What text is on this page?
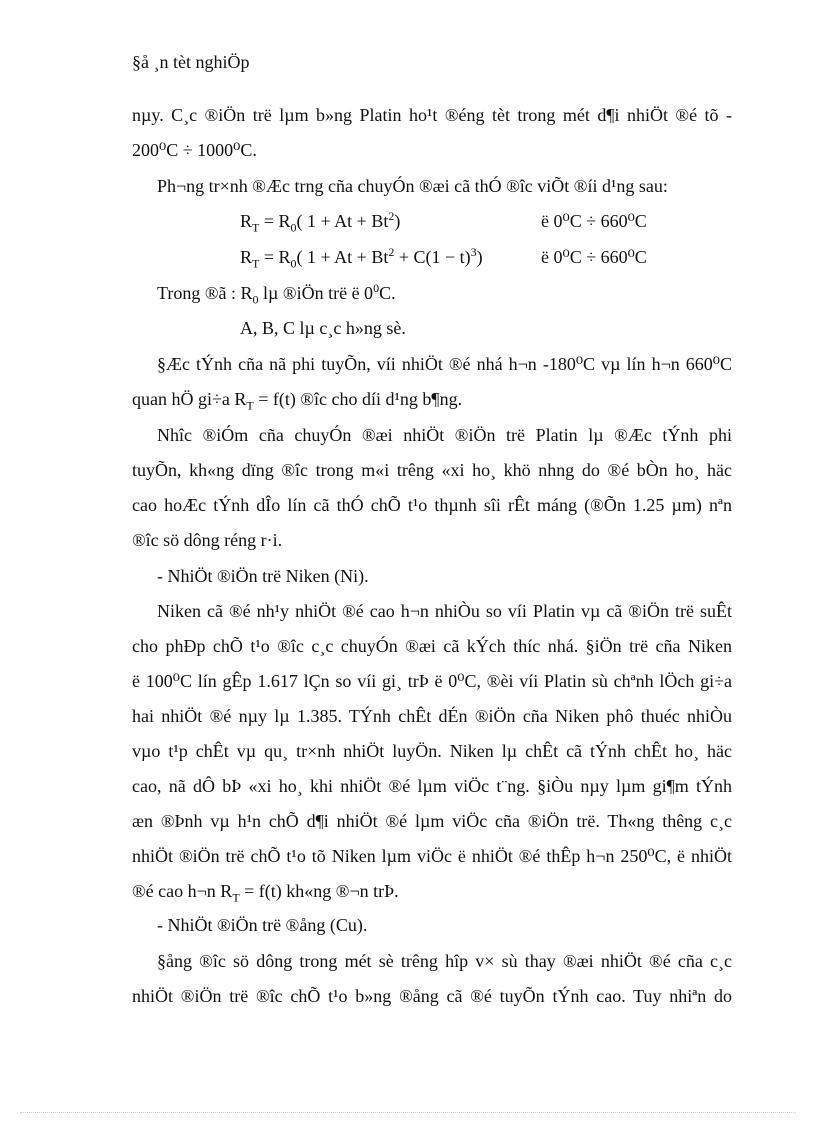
§å ¸n tèt nghiÖp
nµy. C¸c ®iÖn trë lµm b»ng Platin ho¹t ®éng tèt trong mét d¶i nhiÖt ®é tõ -
200⁰C ÷ 1000⁰C.
Ph¬ng tr×nh ®Æc trng cña chuyÓn ®æi cã thÓ ®îc viÕt ®íi d¹ng sau:
$R_T = R_0$( $1 + At + Bt^2$)	ë 0⁰C ÷ 660⁰C
$R_T = R_0$( $1 + At + Bt^2 + C(1 - t)^3$)	ë 0⁰C ÷ 660⁰C
Trong ®ã : $R_0$ lµ ®iÖn trë ë $0^0C$.
A, B, C lµ c¸c h»ng sè.
§Æc tÝnh cña nã phi tuyÕn, víi nhiÖt ®é nhá h¬n -180⁰C vµ lín h¬n 660⁰C
quan hÖ gi÷a $R_T = f(t)$ ®îc cho díi d¹ng b¶ng.
Nhîc ®iÓm cña chuyÓn ®æi nhiÖt ®iÖn trë Platin lµ ®Æc tÝnh phi
tuyÕn, kh«ng dïng ®îc trong m«i trêng «xi ho¸ khö nhng do ®é bÒn ho¸ häc
cao hoÆc tÝnh dÎo lín cã thÓ chÕ t¹o thµnh sîi rÊt máng (®Õn 1.25 µm) nªn
®îc sö dông réng r·i.
- NhiÖt ®iÖn trë Niken (Ni).
Niken cã ®é nh¹y nhiÖt ®é cao h¬n nhiÒu so víi Platin vµ cã ®iÖn trë suÊt
cho phÐp chÕ t¹o ®îc c¸c chuyÓn ®æi cã kÝch thíc nhá. §iÖn trë cña Niken
ë 100⁰C lín gÊp 1.617 lÇn so víi gi¸ trÞ ë 0⁰C, ®èi víi Platin sù chªnh lÖch gi÷a
hai nhiÖt ®é nµy lµ 1.385. TÝnh chÊt dÉn ®iÖn cña Niken phô thuéc nhiÒu
vµo t¹p chÊt vµ qu¸ tr×nh nhiÖt luyÖn. Niken lµ chÊt cã tÝnh chÊt ho¸ häc
cao, nã dÔ bÞ «xi ho¸ khi nhiÖt ®é lµm viÖc t¨ng. §iÒu nµy lµm gi¶m tÝnh
æn ®Þnh vµ h¹n chÕ d¶i nhiÖt ®é lµm viÖc cña ®iÖn trë. Th«ng thêng c¸c
nhiÖt ®iÖn trë chÕ t¹o tõ Niken lµm viÖc ë nhiÖt ®é thÊp h¬n 250⁰C, ë nhiÖt
®é cao h¬n $R_T = f(t)$ kh«ng ®¬n trÞ.
- NhiÖt ®iÖn trë ®ång (Cu).
§ång ®îc sö dông trong mét sè trêng hîp v× sù thay ®æi nhiÖt ®é cña c¸c
nhiÖt ®iÖn trë ®îc chÕ t¹o b»ng ®ång cã ®é tuyÕn tÝnh cao. Tuy nhiªn do
